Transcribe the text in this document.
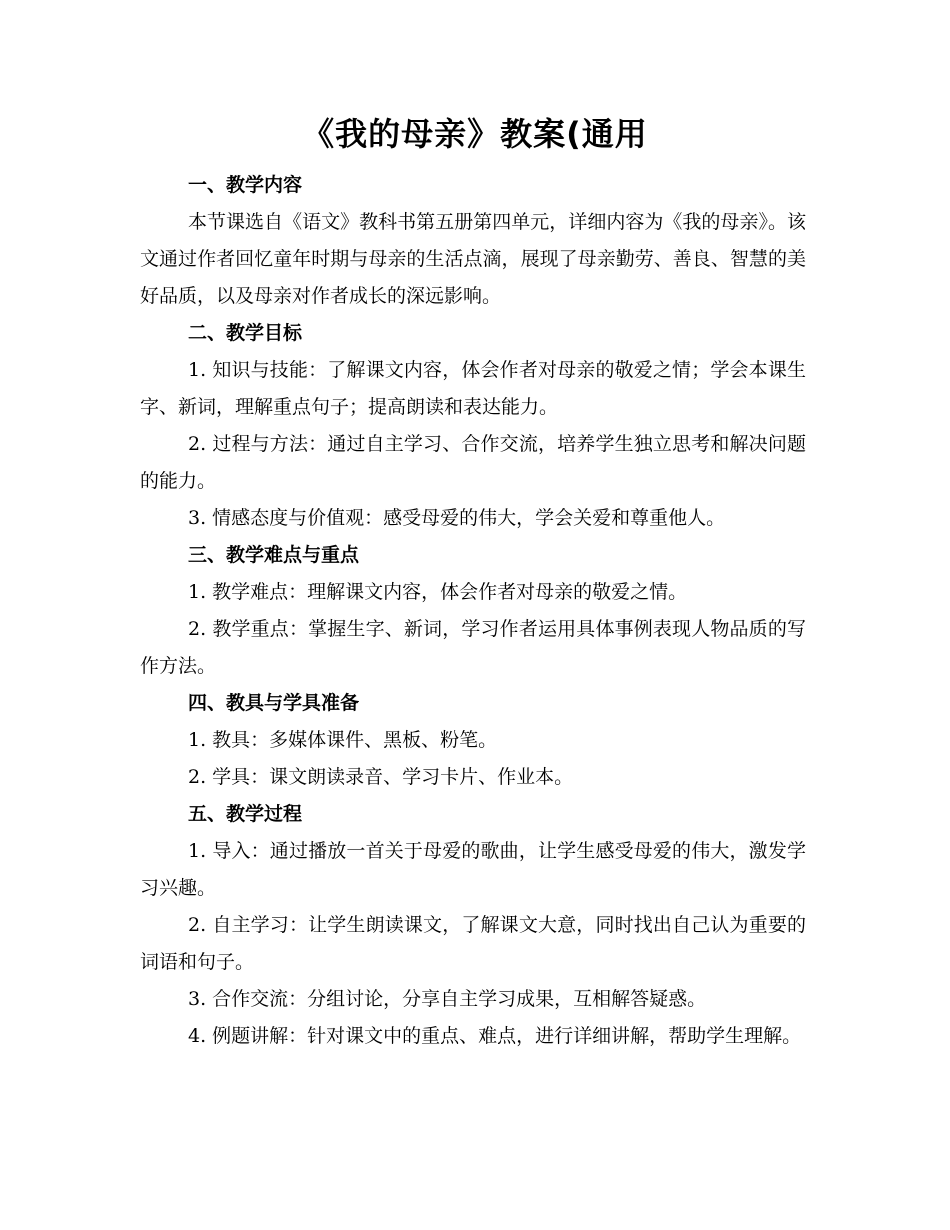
《我的母亲》教案(通用

一、教学内容

本节课选自《语文》教科书第五册第四单元，详细内容为《我的母亲》。该文通过作者回忆童年时期与母亲的生活点滴，展现了母亲勤劳、善良、智慧的美好品质，以及母亲对作者成长的深远影响。

二、教学目标

1. 知识与技能：了解课文内容，体会作者对母亲的敬爱之情；学会本课生字、新词，理解重点句子；提高朗读和表达能力。

2. 过程与方法：通过自主学习、合作交流，培养学生独立思考和解决问题的能力。

3. 情感态度与价值观：感受母爱的伟大，学会关爱和尊重他人。

三、教学难点与重点

1. 教学难点：理解课文内容，体会作者对母亲的敬爱之情。

2. 教学重点：掌握生字、新词，学习作者运用具体事例表现人物品质的写作方法。

四、教具与学具准备

1. 教具：多媒体课件、黑板、粉笔。

2. 学具：课文朗读录音、学习卡片、作业本。

五、教学过程

1. 导入：通过播放一首关于母爱的歌曲，让学生感受母爱的伟大，激发学习兴趣。

2. 自主学习：让学生朗读课文，了解课文大意，同时找出自己认为重要的词语和句子。

3. 合作交流：分组讨论，分享自主学习成果，互相解答疑惑。

4. 例题讲解：针对课文中的重点、难点，进行详细讲解，帮助学生理解。
